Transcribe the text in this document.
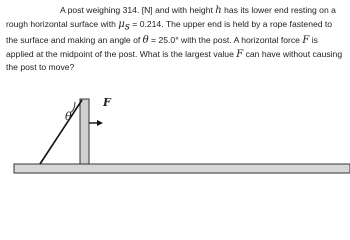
A post weighing 314. [N] and with height h has its lower end resting on a rough horizontal surface with $\mu_s = 0.214$. The upper end is held by a rope fastened to the surface and making an angle of θ = 25.0° with the post. A horizontal force F is applied at the midpoint of the post. What is the largest value F can have without causing the post to move?
F
θ
